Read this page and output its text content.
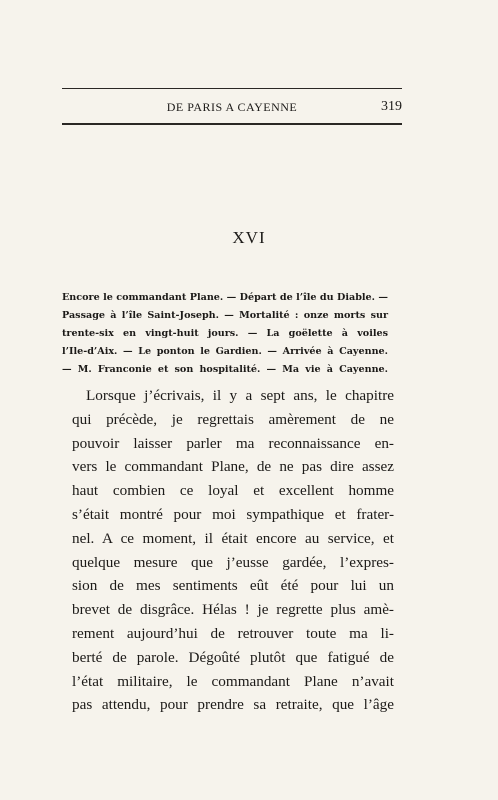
DE PARIS A CAYENNE	319
XVI
Encore le commandant Plane. — Départ de l’île du Diable. —
Passage à l’île Saint-Joseph. — Mortalité : onze morts sur
trente-six en vingt-huit jours. — La goëlette à voiles
l’Ile-d’Aix. — Le ponton le Gardien. — Arrivée à Cayenne.
— M. Franconie et son hospitalité. — Ma vie à Cayenne.
Lorsque j’écrivais, il y a sept ans, le chapitre
qui précède, je regrettais amèrement de ne
pouvoir laisser parler ma reconnaissance en-
vers le commandant Plane, de ne pas dire assez
haut combien ce loyal et excellent homme
s’était montré pour moi sympathique et frater-
nel. A ce moment, il était encore au service, et
quelque mesure que j’eusse gardée, l’expres-
sion de mes sentiments eût été pour lui un
brevet de disgrâce. Hélas ! je regrette plus amè-
rement aujourd’hui de retrouver toute ma li-
berté de parole. Dégoûté plutôt que fatigué de
l’état militaire, le commandant Plane n’avait
pas attendu, pour prendre sa retraite, que l’âge
